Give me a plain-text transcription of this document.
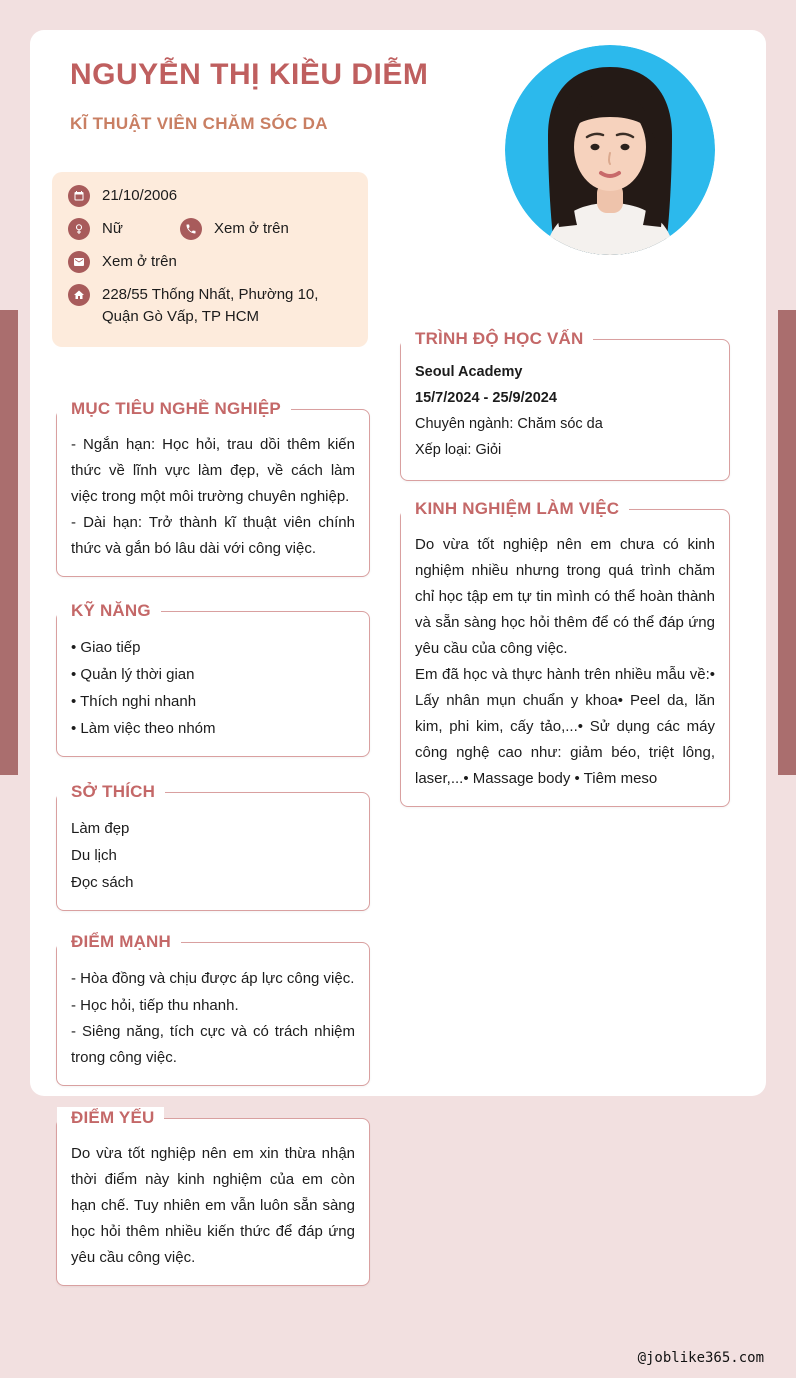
NGUYỄN THỊ KIỀU DIỄM
KĨ THUẬT VIÊN CHĂM SÓC DA
21/10/2006
Nữ	Xem ở trên
Xem ở trên
228/55 Thống Nhất, Phường 10, Quận Gò Vấp, TP HCM
MỤC TIÊU NGHỀ NGHIỆP

- Ngắn hạn: Học hỏi, trau dồi thêm kiến thức về lĩnh vực làm đẹp, về cách làm việc trong một môi trường chuyên nghiệp.

- Dài hạn: Trở thành kĩ thuật viên chính thức và gắn bó lâu dài với công việc.

KỸ NĂNG
• Giao tiếp
• Quản lý thời gian
• Thích nghi nhanh
• Làm việc theo nhóm
SỞ THÍCH
Làm đẹp
Du lịch
Đọc sách
ĐIỂM MẠNH
- Hòa đồng và chịu được áp lực công việc.
- Học hỏi, tiếp thu nhanh.
- Siêng năng, tích cực và có trách nhiệm trong công việc.
ĐIỂM YẾU

Do vừa tốt nghiệp nên em xin thừa nhận thời điểm này kinh nghiệm của em còn hạn chế. Tuy nhiên em vẫn luôn sẵn sàng học hỏi thêm nhiều kiến thức để đáp ứng yêu cầu công việc.

TRÌNH ĐỘ HỌC VẤN
Seoul Academy
15/7/2024 - 25/9/2024
Chuyên ngành: Chăm sóc da
Xếp loại: Giỏi
KINH NGHIỆM LÀM VIỆC

Do vừa tốt nghiệp nên em chưa có kinh nghiệm nhiều nhưng trong quá trình chăm chỉ học tập em tự tin mình có thể hoàn thành và sẵn sàng học hỏi thêm để có thể đáp ứng yêu cầu của công việc.

Em đã học và thực hành trên nhiều mẫu về:• Lấy nhân mụn chuẩn y khoa• Peel da, lăn kim, phi kim, cấy tảo,...• Sử dụng các máy công nghệ cao như: giảm béo, triệt lông, laser,...• Massage body • Tiêm meso

@joblike365.com
